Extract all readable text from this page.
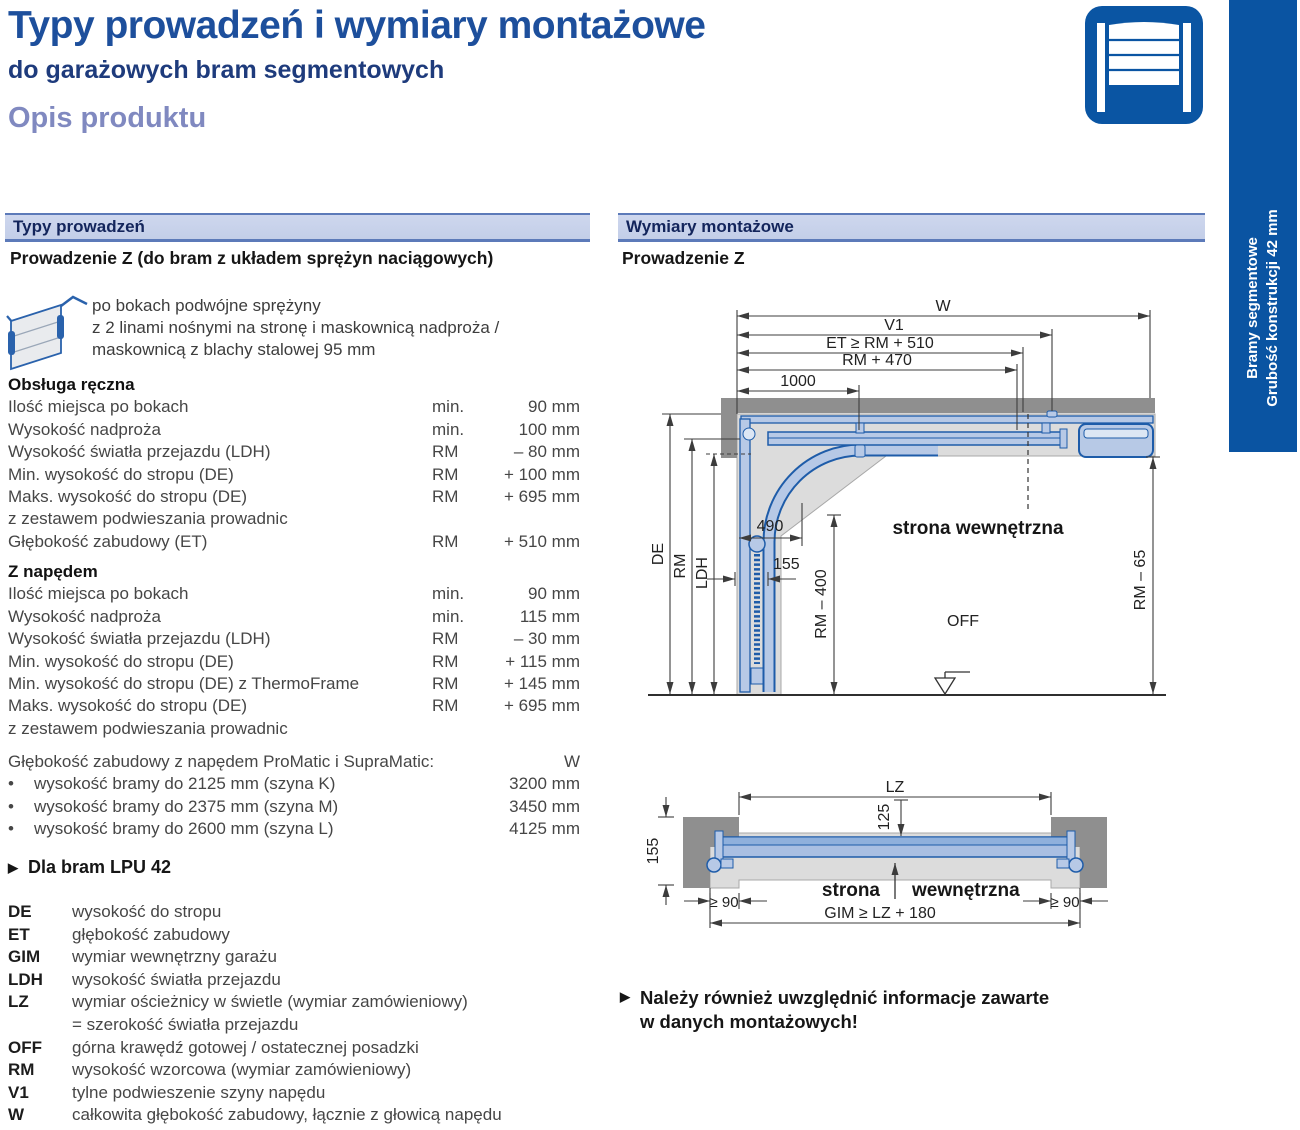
Typy prowadzeń i wymiary montażowe
do garażowych bram segmentowych
Opis produktu
Bramy segmentowe Grubość konstrukcji 42 mm
Typy prowadzeń	Wymiary montażowe
Prowadzenie Z (do bram z układem sprężyn naciągowych)	Prowadzenie Z
po bokach podwójne sprężyny
z 2 linami nośnymi na stronę i maskownicą nadproża /
maskownicą z blachy stalowej 95 mm
Obsługa ręczna
Ilość miejsca po bokach	min.	90 mm
Wysokość nadproża	min.	100 mm
Wysokość światła przejazdu (LDH)	RM	– 80 mm
Min. wysokość do stropu (DE)	RM	+ 100 mm
Maks. wysokość do stropu (DE)	RM	+ 695 mm
z zestawem podwieszania prowadnic
Głębokość zabudowy (ET)	RM	+ 510 mm
Z napędem
Ilość miejsca po bokach	min.	90 mm
Wysokość nadproża	min.	115 mm
Wysokość światła przejazdu (LDH)	RM	– 30 mm
Min. wysokość do stropu (DE)	RM	+ 115 mm
Min. wysokość do stropu (DE) z ThermoFrame	RM	+ 145 mm
Maks. wysokość do stropu (DE)	RM	+ 695 mm
z zestawem podwieszania prowadnic
Głębokość zabudowy z napędem ProMatic i SupraMatic:	W
•	wysokość bramy do 2125 mm (szyna K)	3200 mm
•	wysokość bramy do 2375 mm (szyna M)	3450 mm
•	wysokość bramy do 2600 mm (szyna L)	4125 mm
▶ Dla bram LPU 42
DE	wysokość do stropu
ET	głębokość zabudowy
GIM	wymiar wewnętrzny garażu
LDH	wysokość światła przejazdu
LZ	wymiar ościeżnicy w świetle (wymiar zamówieniowy)
= szerokość światła przejazdu
OFF	górna krawędź gotowej / ostatecznej posadzki
RM	wysokość wzorcowa (wymiar zamówieniowy)
V1	tylne podwieszenie szyny napędu
W	całkowita głębokość zabudowy, łącznie z głowicą napędu
W
V1
ET ≥ RM + 510
RM + 470
1000
DE RM LDH
490
155
RM – 400	RM – 65
strona wewnętrzna
OFF
LZ
125
155
strona wewnętrzna
≥ 90	≥ 90
GIM ≥ LZ + 180
▶ Należy również uwzględnić informacje zawarte
w danych montażowych!
